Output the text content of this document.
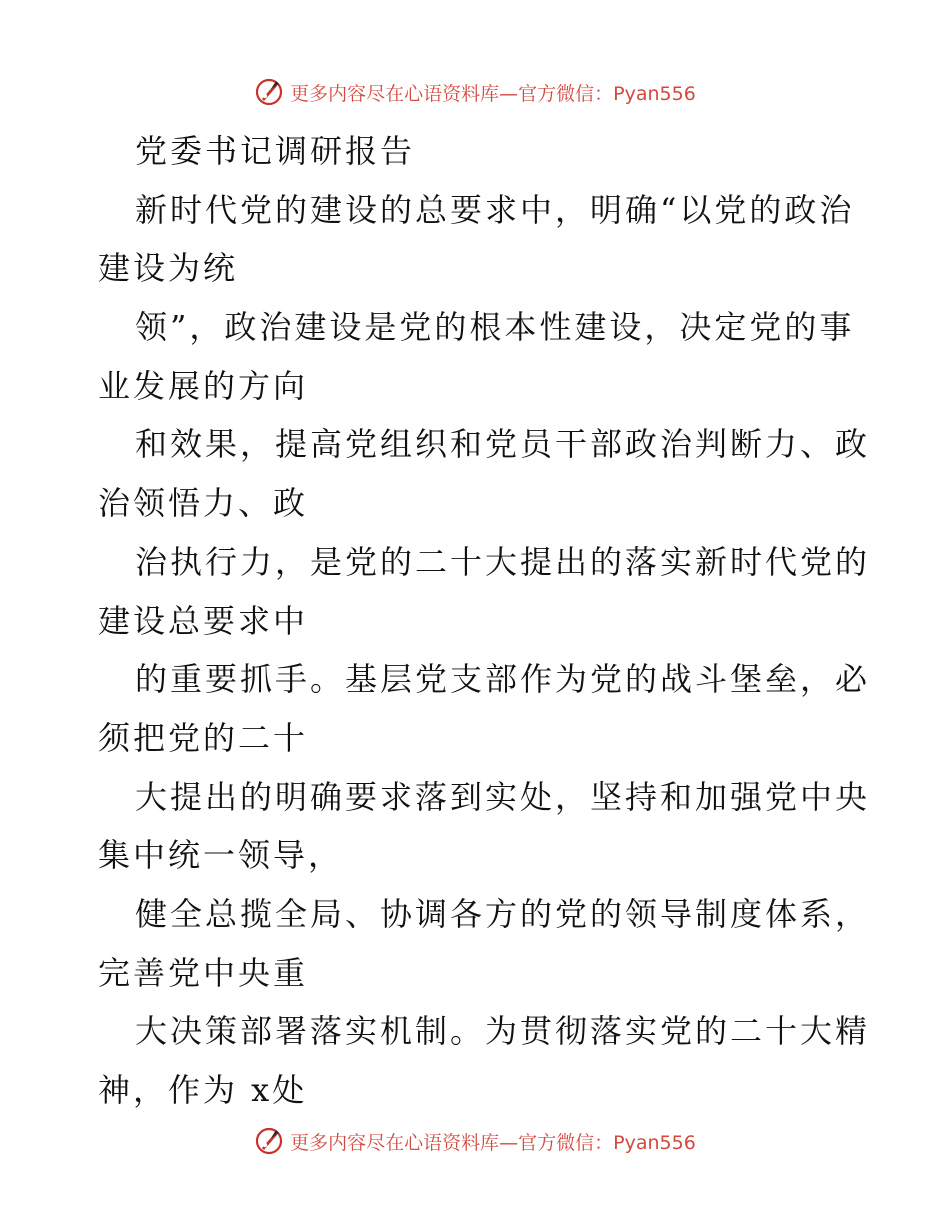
更多内容尽在心语资料库—官方微信：Pyan556
党委书记调研报告
新时代党的建设的总要求中，明确“以党的政治
建设为统
领”，政治建设是党的根本性建设，决定党的事
业发展的方向
和效果，提高党组织和党员干部政治判断力、政
治领悟力、政
治执行力，是党的二十大提出的落实新时代党的
建设总要求中
的重要抓手。基层党支部作为党的战斗堡垒，必
须把党的二十
大提出的明确要求落到实处，坚持和加强党中央
集中统一领导，
健全总揽全局、协调各方的党的领导制度体系，
完善党中央重
大决策部署落实机制。为贯彻落实党的二十大精
神，作为 x处
更多内容尽在心语资料库—官方微信：Pyan556
